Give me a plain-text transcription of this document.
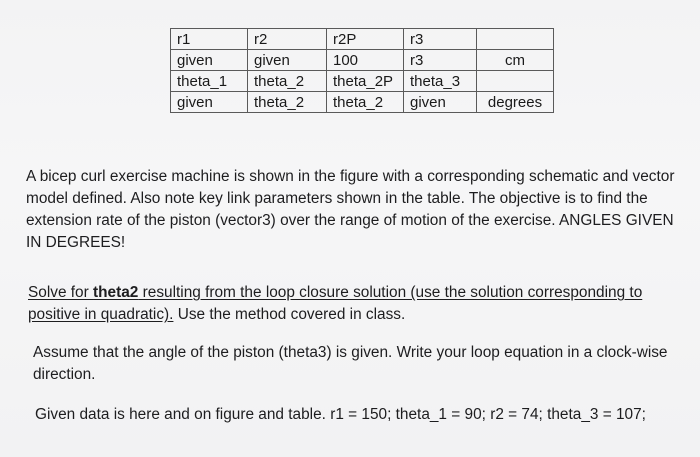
r1	r2	r2P	r3	
given	given	100	r3	cm
theta_1	theta_2	theta_2P	theta_3	
given	theta_2	theta_2	given	degrees

A bicep curl exercise machine is shown in the figure with a corresponding schematic and vector model defined. Also note key link parameters shown in the table. The objective is to find the extension rate of the piston (vector3) over the range of motion of the exercise. ANGLES GIVEN IN DEGREES!

Solve for theta2 resulting from the loop closure solution (use the solution corresponding to positive in quadratic). Use the method covered in class.

Assume that the angle of the piston (theta3) is given. Write your loop equation in a clock-wise direction.

Given data is here and on figure and table. r1 = 150; theta_1 = 90; r2 = 74; theta_3 = 107;
